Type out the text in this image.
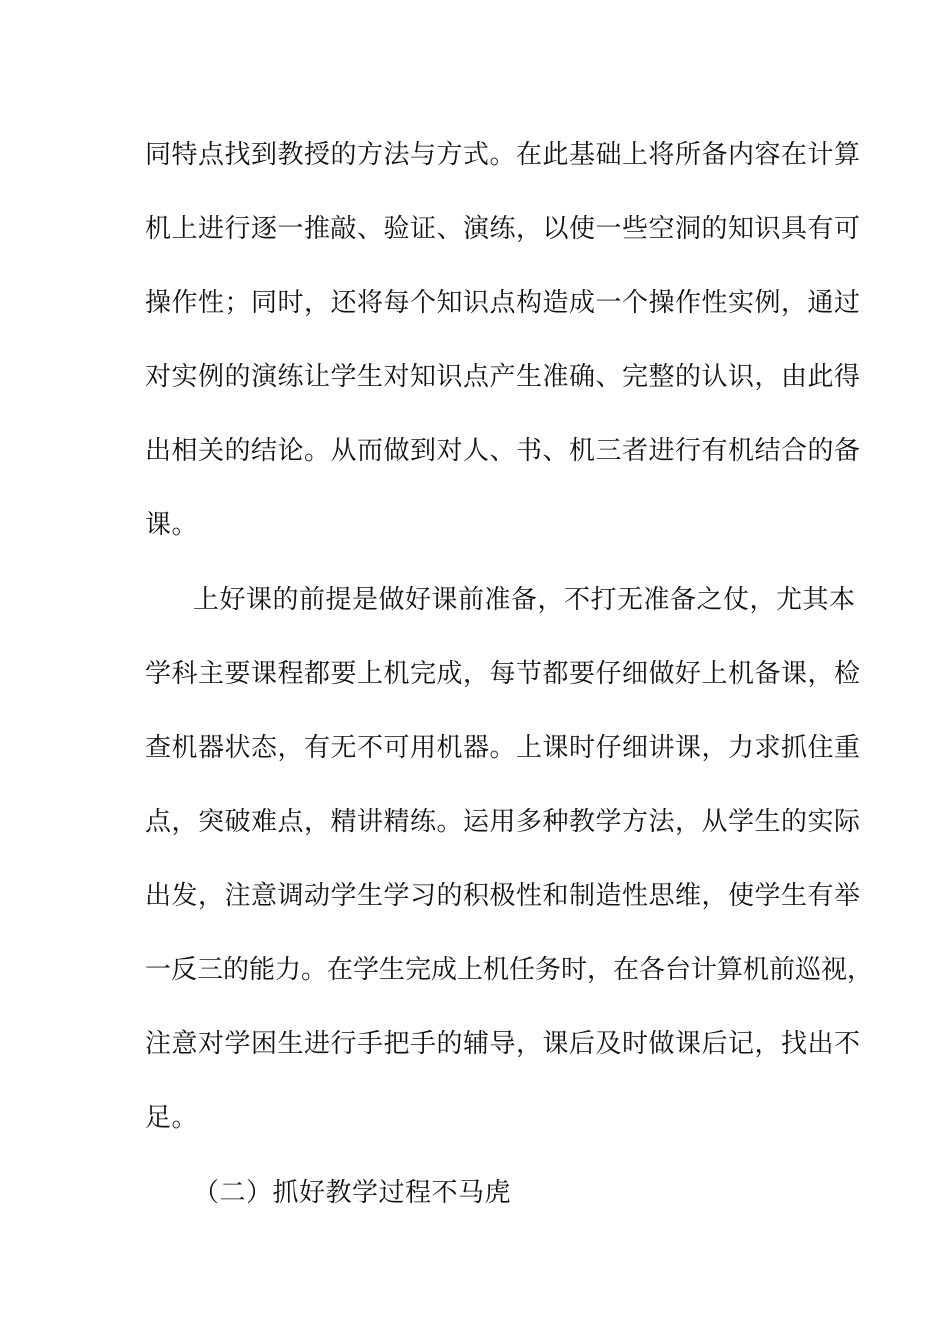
同特点找到教授的方法与方式。在此基础上将所备内容在计算
机上进行逐一推敲、验证、演练，以使一些空洞的知识具有可
操作性；同时，还将每个知识点构造成一个操作性实例，通过
对实例的演练让学生对知识点产生准确、完整的认识，由此得
出相关的结论。从而做到对人、书、机三者进行有机结合的备
课。
上好课的前提是做好课前准备，不打无准备之仗，尤其本
学科主要课程都要上机完成，每节都要仔细做好上机备课，检
查机器状态，有无不可用机器。上课时仔细讲课，力求抓住重
点，突破难点，精讲精练。运用多种教学方法，从学生的实际
出发，注意调动学生学习的积极性和制造性思维，使学生有举
一反三的能力。在学生完成上机任务时，在各台计算机前巡视，
注意对学困生进行手把手的辅导，课后及时做课后记，找出不
足。
（二）抓好教学过程不马虎
